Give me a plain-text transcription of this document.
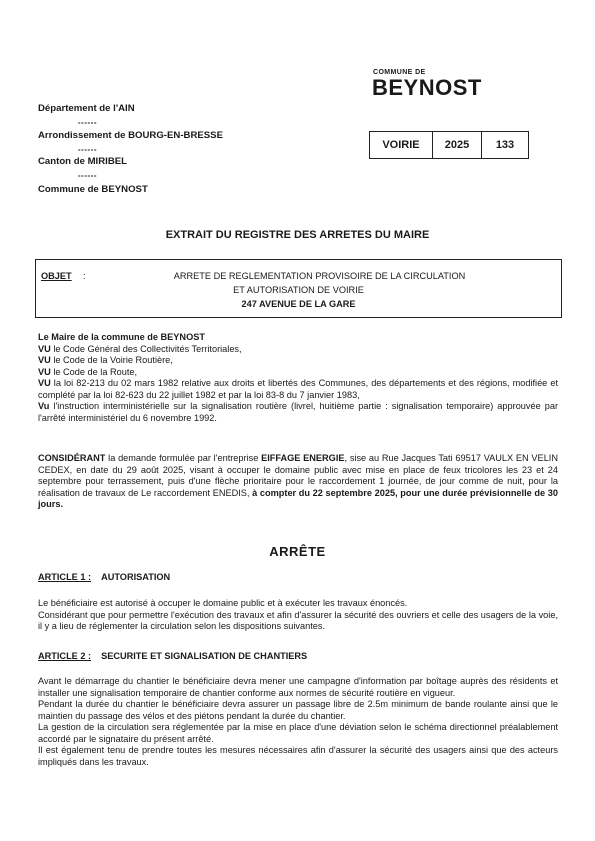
COMMUNE DE
BEYNOST
Département de l'AIN
------
Arrondissement de BOURG-EN-BRESSE
------
Canton de MIRIBEL
------
Commune de BEYNOST
VOIRIE	2025	133
EXTRAIT DU REGISTRE DES ARRETES DU MAIRE
OBJET :	ARRETE DE REGLEMENTATION PROVISOIRE DE LA CIRCULATION
ET AUTORISATION DE VOIRIE
247 AVENUE DE LA GARE
Le Maire de la commune de BEYNOST
VU le Code Général des Collectivités Territoriales,
VU le Code de la Voirie Routière,
VU le Code de la Route,
VU la loi 82-213 du 02 mars 1982 relative aux droits et libertés des Communes, des départements et des régions, modifiée et complété par la loi 82-623 du 22 juillet 1982 et par la loi 83-8 du 7 janvier 1983,
Vu l'instruction interministérielle sur la signalisation routière (livrel, huitième partie : signalisation temporaire) approuvée par l'arrêté interministériel du 6 novembre 1992.
CONSIDÉRANT la demande formulée par l'entreprise EIFFAGE ENERGIE, sise au Rue Jacques Tati 69517 VAULX EN VELIN CEDEX, en date du 29 août 2025, visant à occuper le domaine public avec mise en place de feux tricolores les 23 et 24 septembre pour terrassement, puis d'une flèche prioritaire pour le raccordement 1 journée, de jour comme de nuit, pour la réalisation de travaux de Le raccordement ENEDIS, à compter du 22 septembre 2025, pour une durée prévisionnelle de 30 jours.
ARRÊTE
ARTICLE 1 : AUTORISATION
Le bénéficiaire est autorisé à occuper le domaine public et à exécuter les travaux énoncés.
Considérant que pour permettre l'exécution des travaux et afin d'assurer la sécurité des ouvriers et celle des usagers de la voie, il y a lieu de réglementer la circulation selon les dispositions suivantes.
ARTICLE 2 : SECURITE ET SIGNALISATION DE CHANTIERS
Avant le démarrage du chantier le bénéficiaire devra mener une campagne d'information par boîtage auprès des résidents et installer une signalisation temporaire de chantier conforme aux normes de sécurité routière en vigueur.
Pendant la durée du chantier le bénéficiaire devra assurer un passage libre de 2.5m minimum de bande roulante ainsi que le maintien du passage des vélos et des piétons pendant la durée du chantier.
La gestion de la circulation sera réglementée par la mise en place d'une déviation selon le schéma directionnel préalablement accordé par le signataire du présent arrêté.
Il est également tenu de prendre toutes les mesures nécessaires afin d'assurer la sécurité des usagers ainsi que des acteurs impliqués dans les travaux.
